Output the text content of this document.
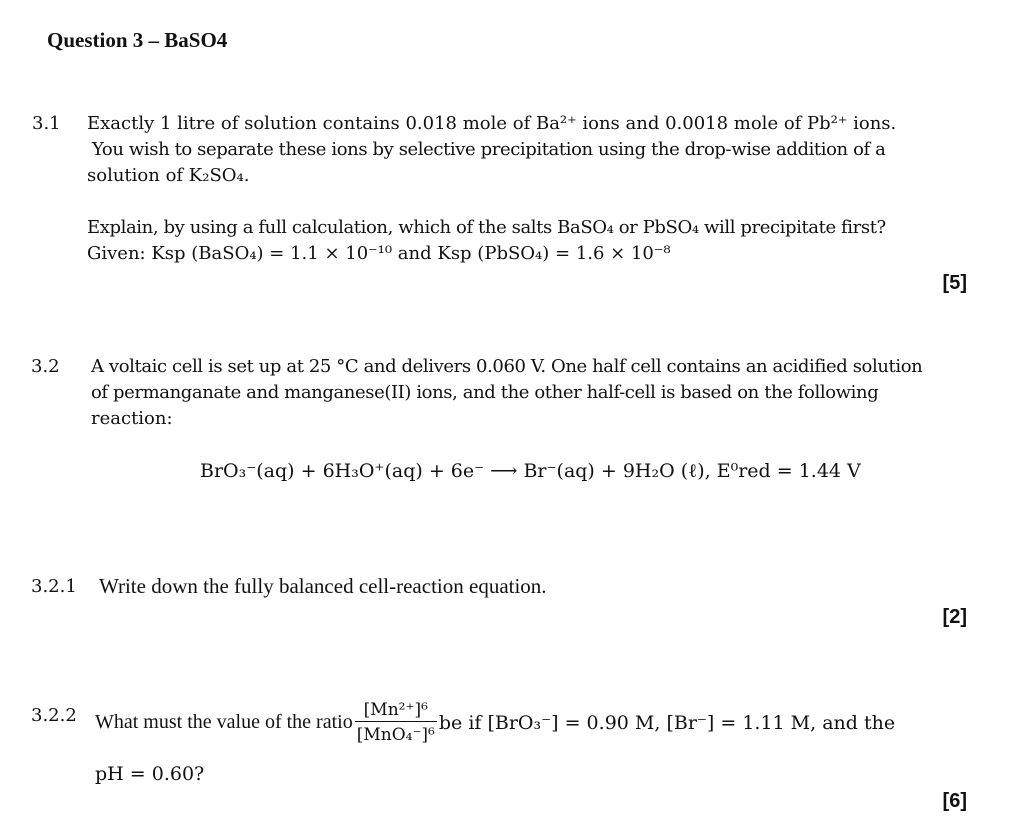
Question 3 – BaSO4
3.1 Exactly 1 litre of solution contains 0.018 mole of Ba²⁺ ions and 0.0018 mole of Pb²⁺ ions.
You wish to separate these ions by selective precipitation using the drop-wise addition of a
solution of K₂SO₄.
Explain, by using a full calculation, which of the salts BaSO₄ or PbSO₄ will precipitate first?
Given: Ksp (BaSO₄) = 1.1 × 10⁻¹⁰ and Ksp (PbSO₄) = 1.6 × 10⁻⁸
[5]
3.2 A voltaic cell is set up at 25 °C and delivers 0.060 V. One half cell contains an acidified solution
of permanganate and manganese(II) ions, and the other half-cell is based on the following
reaction:
BrO₃⁻(aq) + 6H₃O⁺(aq) + 6e⁻ ⟶ Br⁻(aq) + 9H₂O (ℓ), E⁰red = 1.44 V
3.2.1 Write down the fully balanced cell-reaction equation.
[2]
3.2.2 What must the value of the ratio $\frac{\text{[Mn²⁺]⁶}}{\text{[MnO₄⁻]⁶}}$ be if [BrO₃⁻] = 0.90 M, [Br⁻] = 1.11 M, and the
pH = 0.60?
[6]
